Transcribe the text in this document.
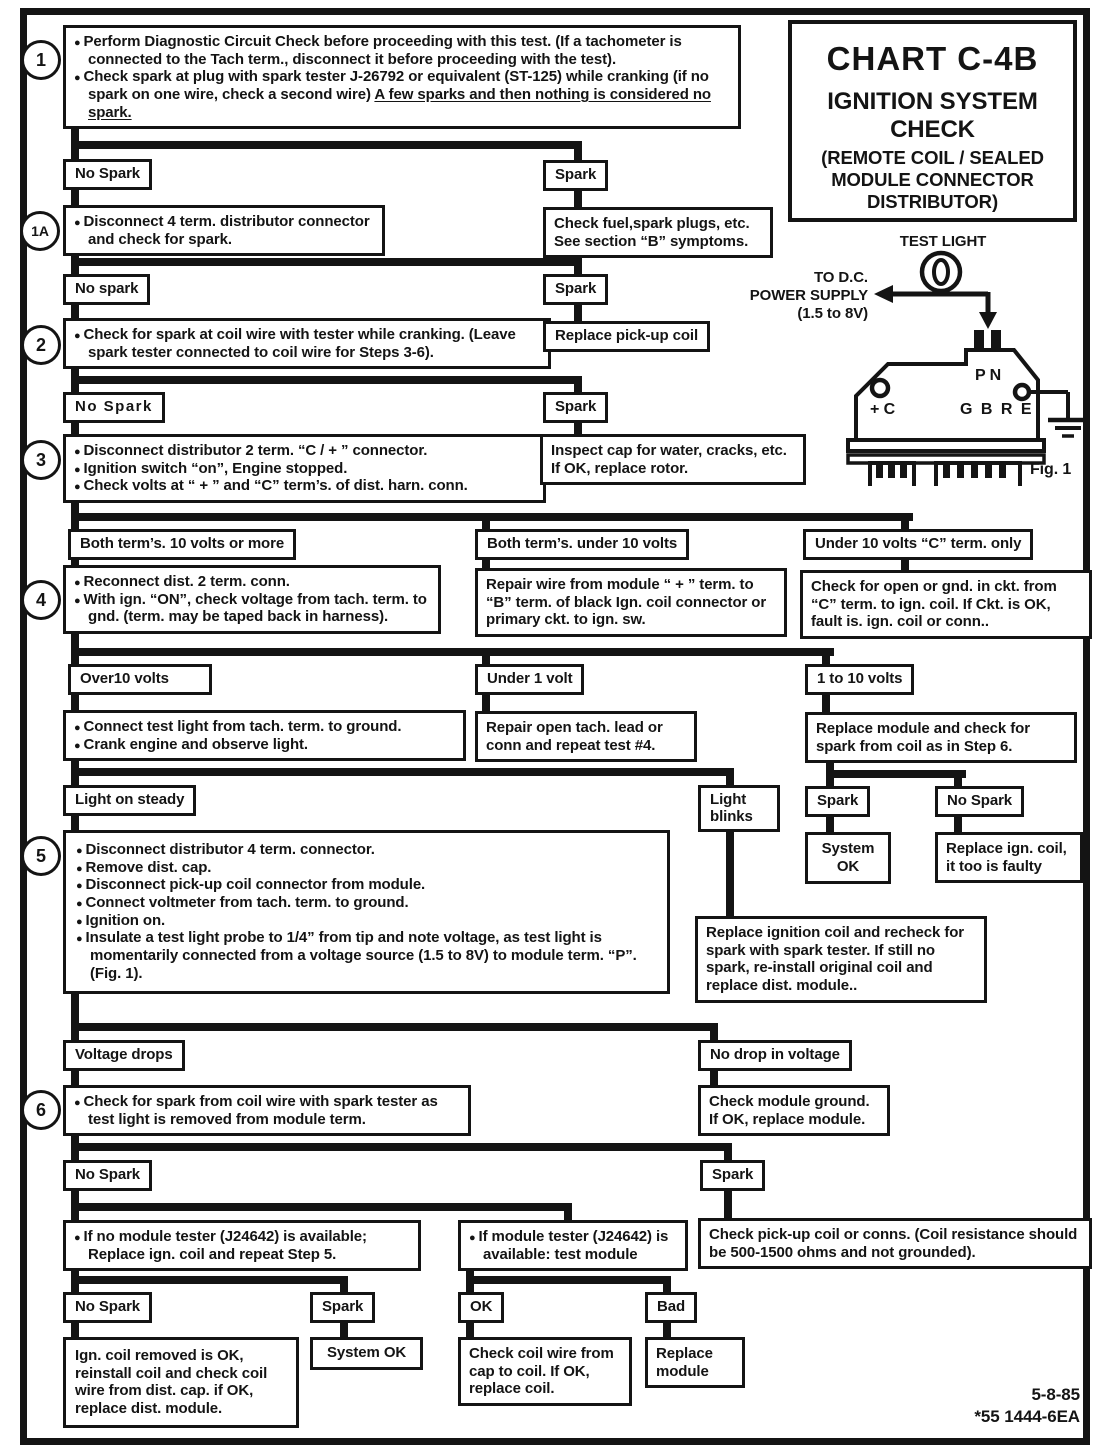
CHART C-4B
IGNITION SYSTEM
CHECK
(REMOTE COIL / SEALED
MODULE CONNECTOR
DISTRIBUTOR)
TEST LIGHT
TO D.C.
POWER SUPPLY
(1.5 to 8V)
P N
+ C	G B R E
Fig. 1
1
1A
2
3
4
5
6
● Perform Diagnostic Circuit Check before proceeding with this test. (If a tachometer is connected to the Tach term., disconnect it before proceeding with the test).
● Check spark at plug with spark tester J-26792 or equivalent (ST-125) while cranking (if no spark on one wire, check a second wire) A few sparks and then nothing is considered no spark.
No Spark	Spark
● Disconnect 4 term. distributor connector and check for spark.
Check fuel,spark plugs, etc. See section “B” symptoms.
No spark	Spark
● Check for spark at coil wire with tester while cranking. (Leave spark tester connected to coil wire for Steps 3-6).
Replace pick-up coil
No Spark	Spark
● Disconnect distributor 2 term. “C / + ” connector.
● Ignition switch “on”, Engine stopped.
● Check volts at “ + ” and “C” term’s. of dist. harn. conn.
Inspect cap for water, cracks, etc. If OK, replace rotor.
Both term’s. 10 volts or more	Both term’s. under 10 volts	Under 10 volts “C” term. only
● Reconnect dist. 2 term. conn.
● With ign. “ON”, check voltage from tach. term. to gnd. (term. may be taped back in harness).
Repair wire from module “ + ” term. to “B” term. of black Ign. coil connector or primary ckt. to ign. sw.
Check for open or gnd. in ckt. from “C” term. to ign. coil. If Ckt. is OK, fault is. ign. coil or conn..
Over10 volts	Under 1 volt	1 to 10 volts
● Connect test light from tach. term. to ground.
● Crank engine and observe light.
Repair open tach. lead or conn and repeat test #4.
Replace module and check for spark from coil as in Step 6.
Light on steady	Light blinks
Spark	No Spark
System OK
Replace ign. coil, it too is faulty
● Disconnect distributor 4 term. connector.
● Remove dist. cap.
● Disconnect pick-up coil connector from module.
● Connect voltmeter from tach. term. to ground.
● Ignition on.
● Insulate a test light probe to 1/4” from tip and note voltage, as test light is momentarily connected from a voltage source (1.5 to 8V) to module term. “P”. (Fig. 1).
Replace ignition coil and recheck for spark with spark tester. If still no spark, re-install original coil and replace dist. module..
Voltage drops	No drop in voltage
● Check for spark from coil wire with spark tester as test light is removed from module term.
Check module ground. If OK, replace module.
No Spark	Spark
● If no module tester (J24642) is available; Replace ign. coil and repeat Step 5.
● If module tester (J24642) is available: test module
Check pick-up coil or conns. (Coil resistance should be 500-1500 ohms and not grounded).
No Spark	Spark	OK	Bad
Ign. coil removed is OK, reinstall coil and check coil wire from dist. cap. if OK, replace dist. module.
System OK	Check coil wire from cap to coil. If OK, replace coil.
Replace module
5-8-85
*55 1444-6EA
